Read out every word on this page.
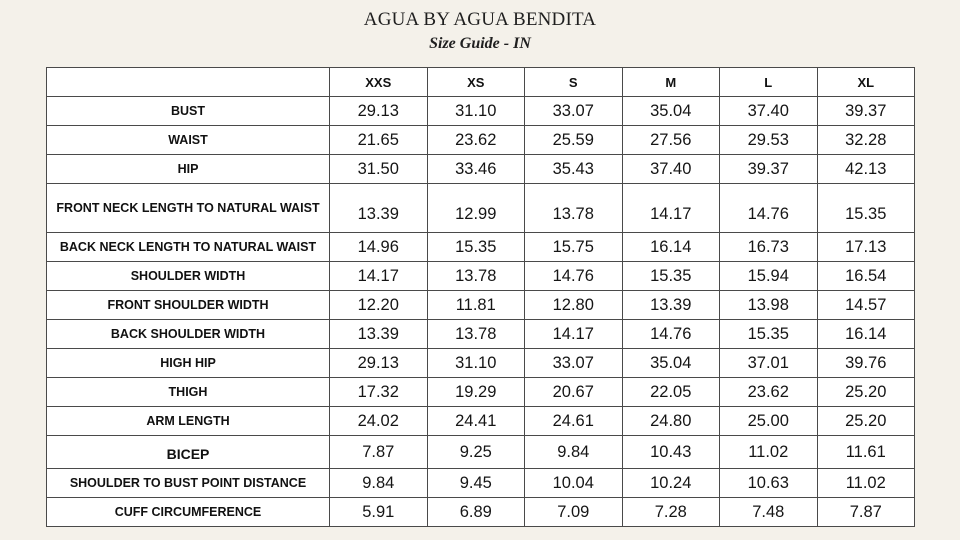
AGUA BY AGUA BENDITA
Size Guide - IN
	XXS	XS	S	M	L	XL
BUST	29.13	31.10	33.07	35.04	37.40	39.37
WAIST	21.65	23.62	25.59	27.56	29.53	32.28
HIP	31.50	33.46	35.43	37.40	39.37	42.13
FRONT NECK LENGTH TO NATURAL WAIST	13.39	12.99	13.78	14.17	14.76	15.35
BACK NECK LENGTH TO NATURAL WAIST	14.96	15.35	15.75	16.14	16.73	17.13
SHOULDER WIDTH	14.17	13.78	14.76	15.35	15.94	16.54
FRONT SHOULDER WIDTH	12.20	11.81	12.80	13.39	13.98	14.57
BACK SHOULDER WIDTH	13.39	13.78	14.17	14.76	15.35	16.14
HIGH HIP	29.13	31.10	33.07	35.04	37.01	39.76
THIGH	17.32	19.29	20.67	22.05	23.62	25.20
ARM LENGTH	24.02	24.41	24.61	24.80	25.00	25.20
BICEP	7.87	9.25	9.84	10.43	11.02	11.61
SHOULDER TO BUST POINT DISTANCE	9.84	9.45	10.04	10.24	10.63	11.02
CUFF CIRCUMFERENCE	5.91	6.89	7.09	7.28	7.48	7.87
